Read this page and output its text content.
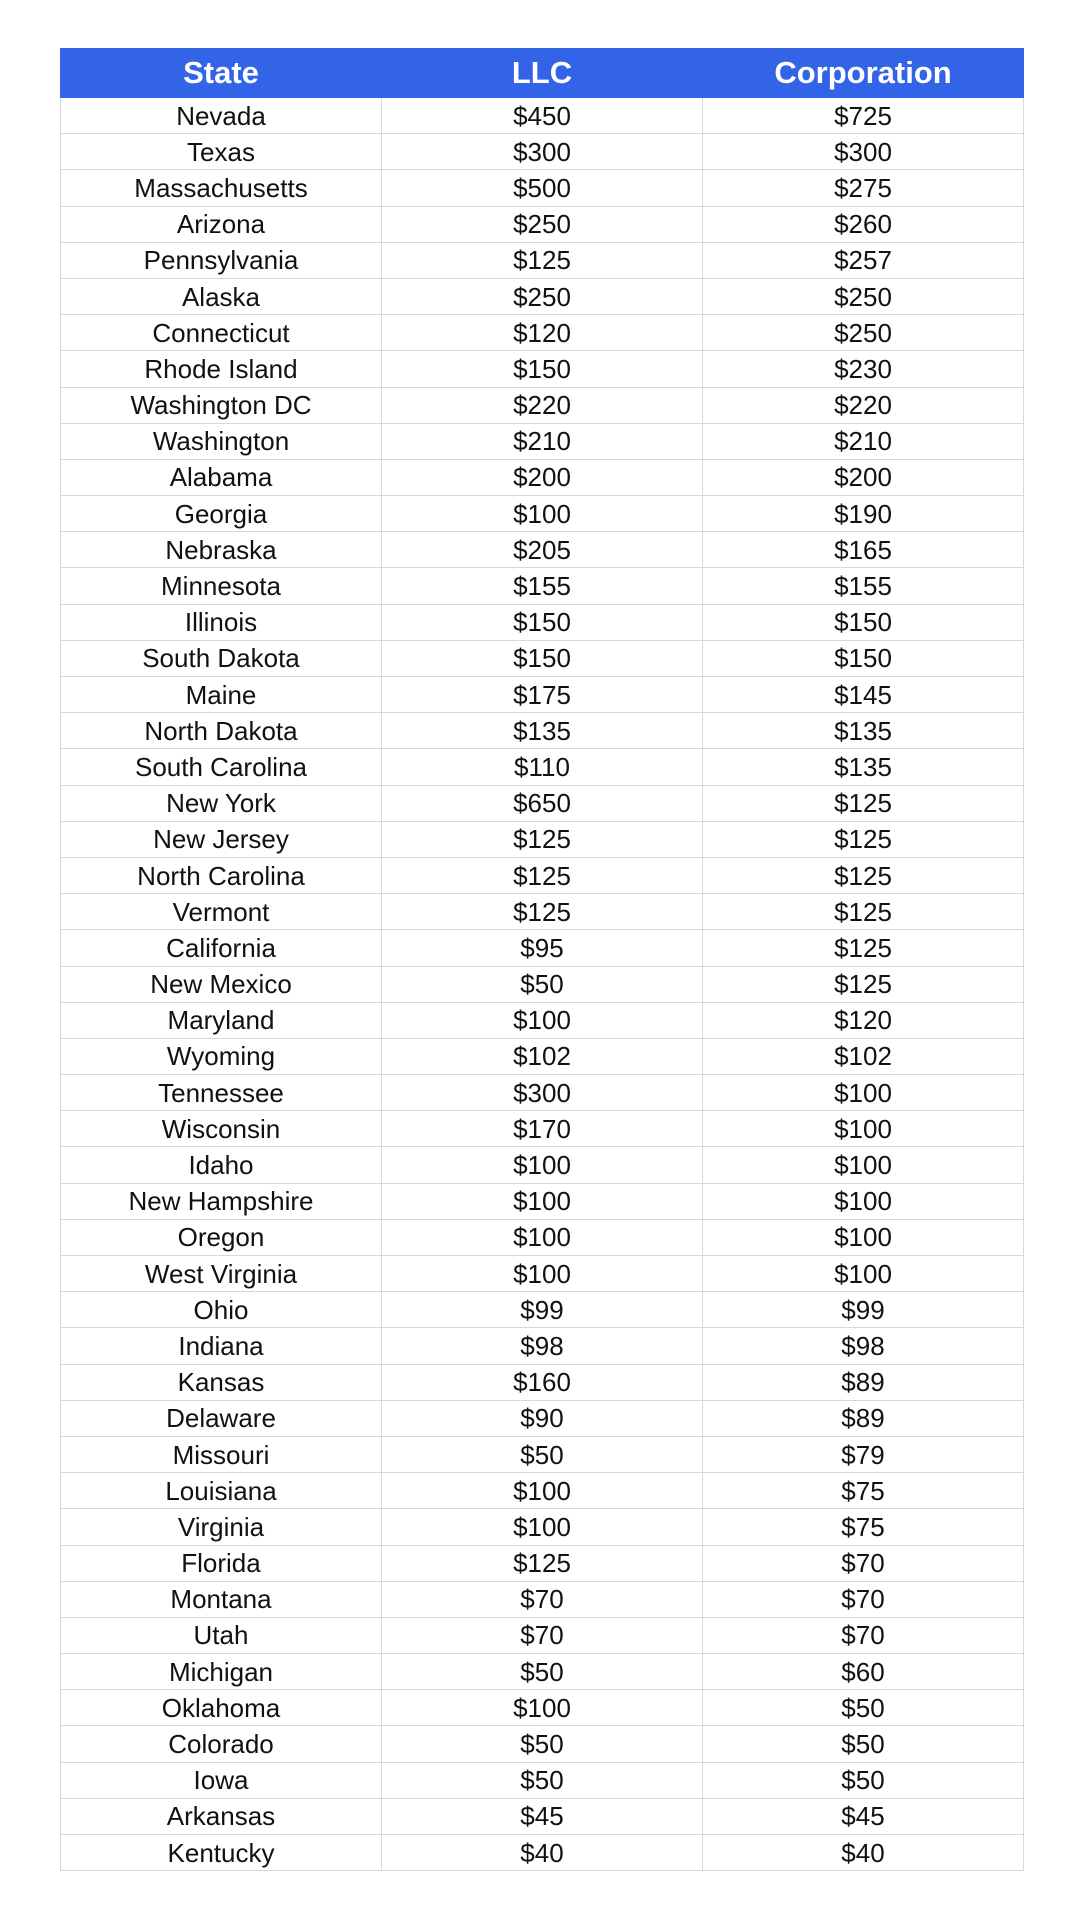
State	LLC	Corporation
Nevada	$450	$725
Texas	$300	$300
Massachusetts	$500	$275
Arizona	$250	$260
Pennsylvania	$125	$257
Alaska	$250	$250
Connecticut	$120	$250
Rhode Island	$150	$230
Washington DC	$220	$220
Washington	$210	$210
Alabama	$200	$200
Georgia	$100	$190
Nebraska	$205	$165
Minnesota	$155	$155
Illinois	$150	$150
South Dakota	$150	$150
Maine	$175	$145
North Dakota	$135	$135
South Carolina	$110	$135
New York	$650	$125
New Jersey	$125	$125
North Carolina	$125	$125
Vermont	$125	$125
California	$95	$125
New Mexico	$50	$125
Maryland	$100	$120
Wyoming	$102	$102
Tennessee	$300	$100
Wisconsin	$170	$100
Idaho	$100	$100
New Hampshire	$100	$100
Oregon	$100	$100
West Virginia	$100	$100
Ohio	$99	$99
Indiana	$98	$98
Kansas	$160	$89
Delaware	$90	$89
Missouri	$50	$79
Louisiana	$100	$75
Virginia	$100	$75
Florida	$125	$70
Montana	$70	$70
Utah	$70	$70
Michigan	$50	$60
Oklahoma	$100	$50
Colorado	$50	$50
Iowa	$50	$50
Arkansas	$45	$45
Kentucky	$40	$40
